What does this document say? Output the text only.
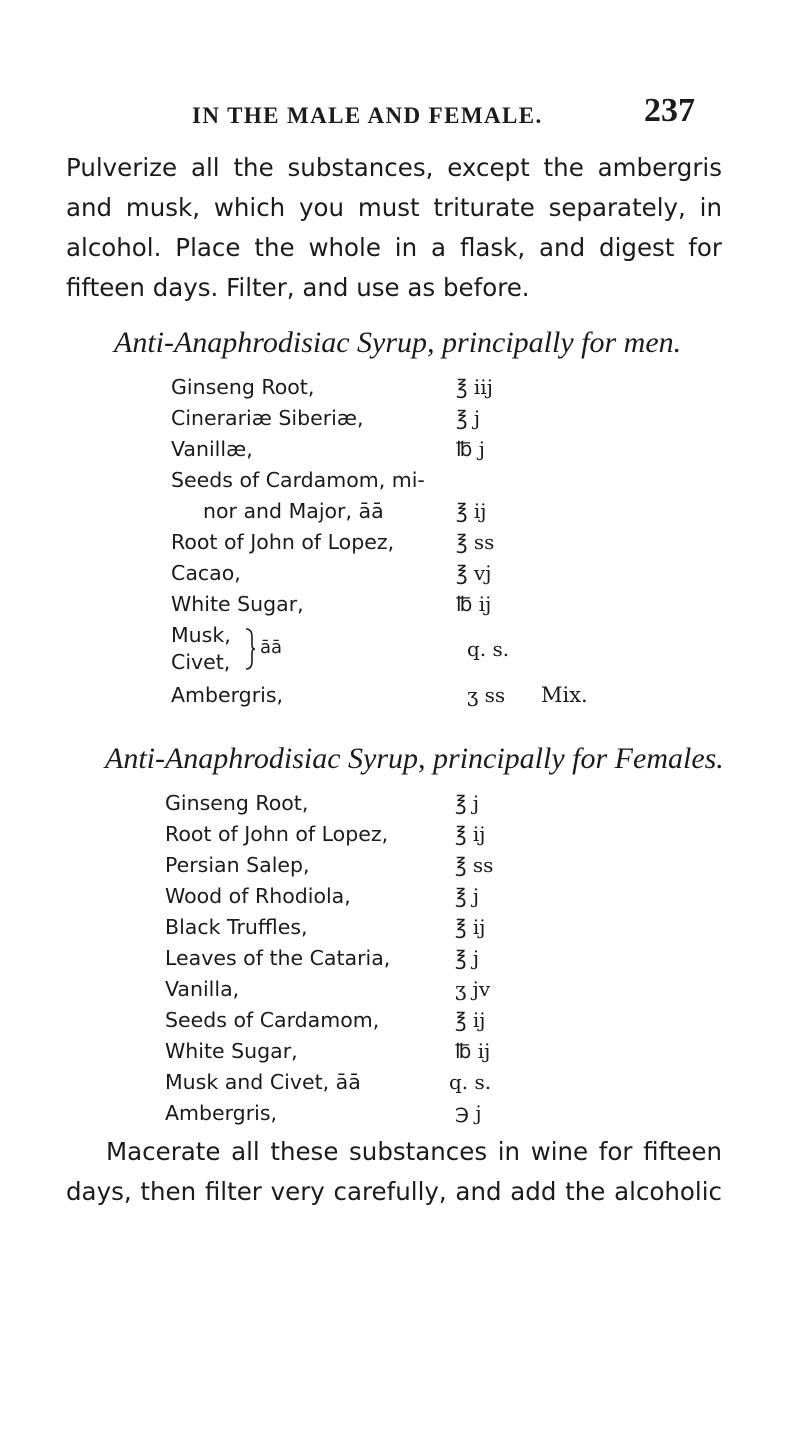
IN THE MALE AND FEMALE.	237

Pulverize all the substances, except the ambergris

and musk, which you must triturate separately, in

alcohol. Place the whole in a flask, and digest for

fifteen days. Filter, and use as before.

Anti-Anaphrodisiac Syrup, principally for men.
Ginseng Root,	℥ iij
Cinerariæ Siberiæ,	℥ j
Vanillæ,	℔ j
Seeds of Cardamom, mi-
nor and Major, āā	℥ ij
Root of John of Lopez,	℥ ss
Cacao,	℥ vj
White Sugar,	℔ ij
Musk,
Civet,
āā	q. s.
Ambergris,	ʒ ss Mix.
Anti-Anaphrodisiac Syrup, principally for Females.
Ginseng Root,	℥ j
Root of John of Lopez,	℥ ij
Persian Salep,	℥ ss
Wood of Rhodiola,	℥ j
Black Truffles,	℥ ij
Leaves of the Cataria,	℥ j
Vanilla,	ʒ jv
Seeds of Cardamom,	℥ ij
White Sugar,	℔ ij
Musk and Civet, āā	q. s.
Ambergris,	℈ j

Macerate all these substances in wine for fifteen

days, then filter very carefully, and add the alcoholic
